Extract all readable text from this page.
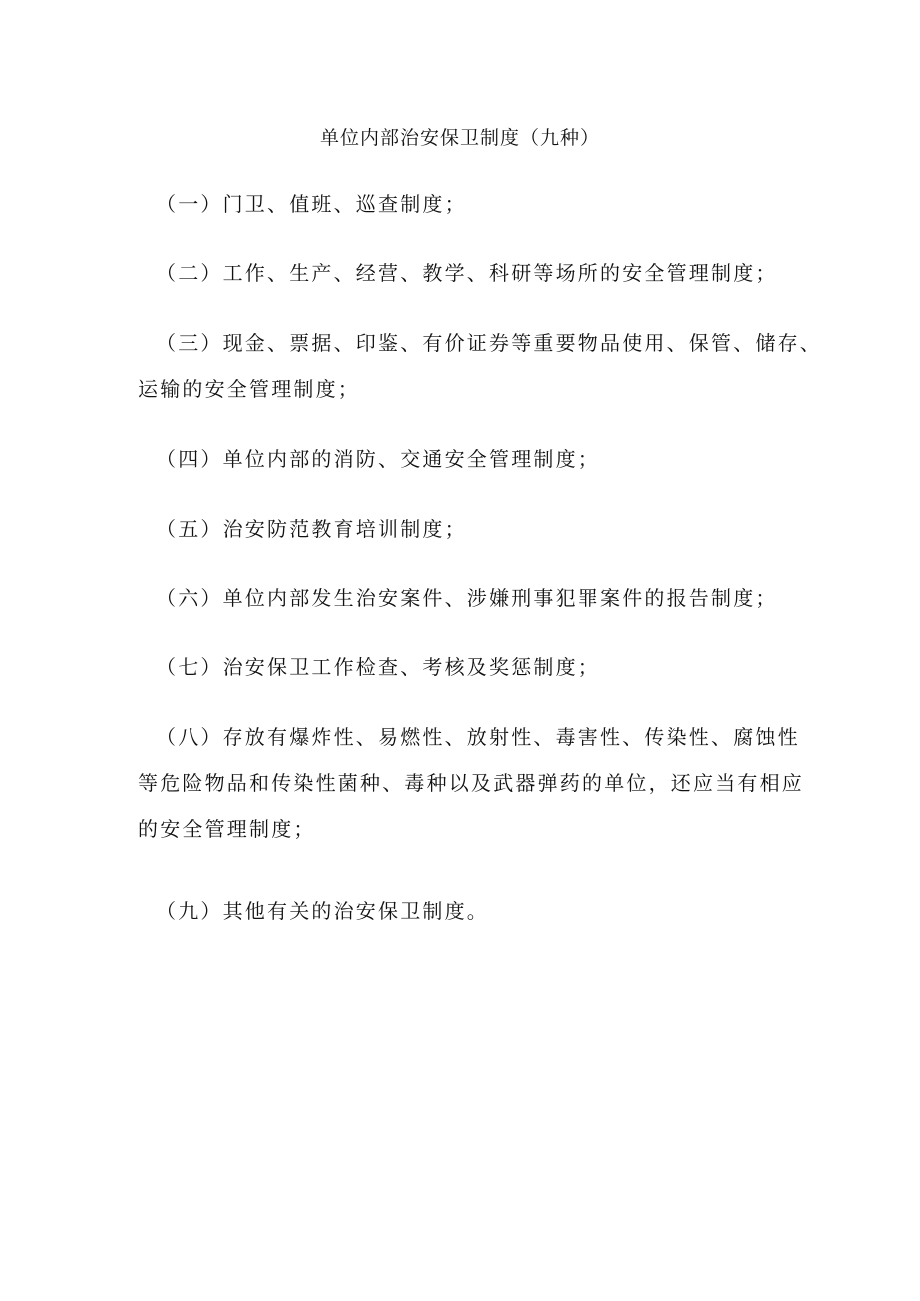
单位内部治安保卫制度（九种）
（一）门卫、值班、巡查制度；
（二）工作、生产、经营、教学、科研等场所的安全管理制度；
（三）现金、票据、印鉴、有价证券等重要物品使用、保管、储存、
运输的安全管理制度；
（四）单位内部的消防、交通安全管理制度；
（五）治安防范教育培训制度；
（六）单位内部发生治安案件、涉嫌刑事犯罪案件的报告制度；
（七）治安保卫工作检查、考核及奖惩制度；
（八）存放有爆炸性、易燃性、放射性、毒害性、传染性、腐蚀性
等危险物品和传染性菌种、毒种以及武器弹药的单位，还应当有相应
的安全管理制度；
（九）其他有关的治安保卫制度。
